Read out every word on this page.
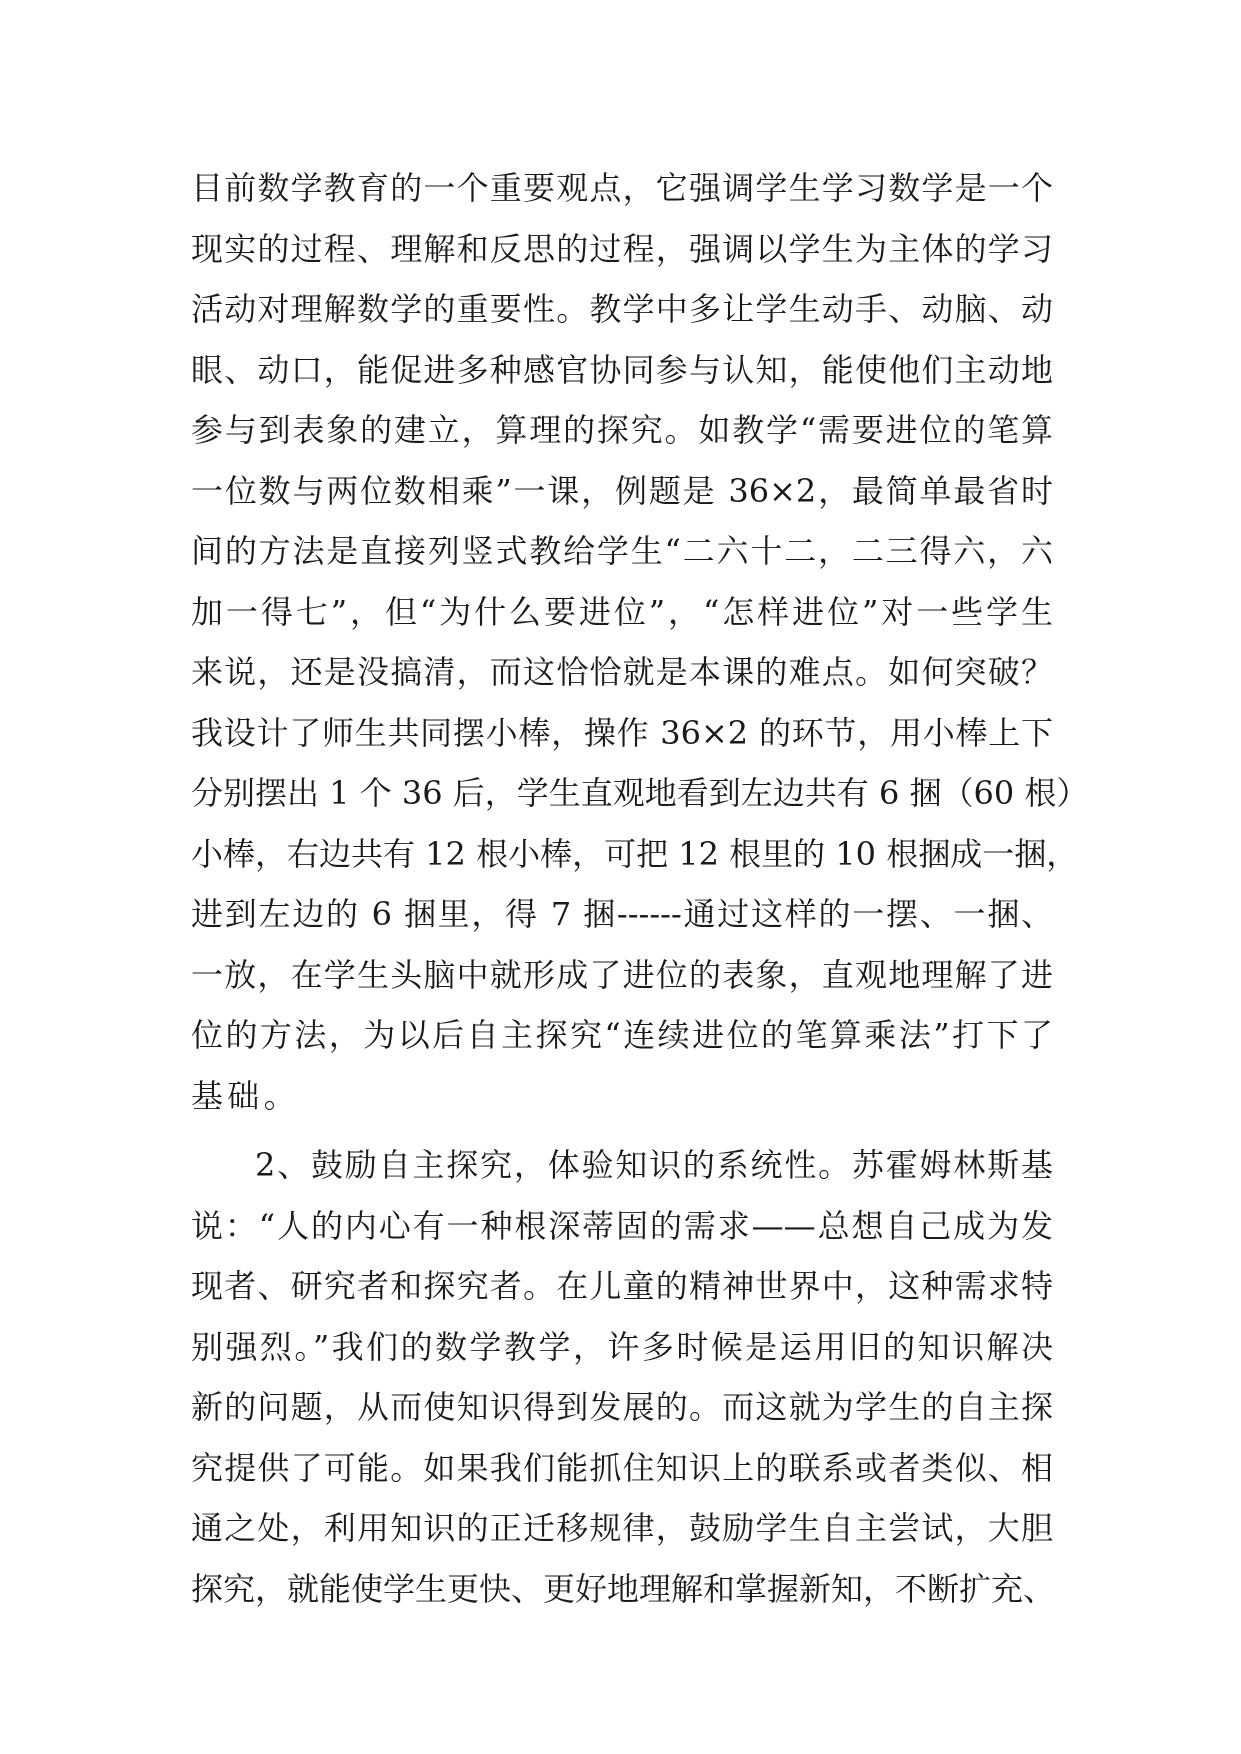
目前数学教育的一个重要观点，它强调学生学习数学是一个
现实的过程、理解和反思的过程，强调以学生为主体的学习
活动对理解数学的重要性。教学中多让学生动手、动脑、动
眼、动口，能促进多种感官协同参与认知，能使他们主动地
参与到表象的建立，算理的探究。如教学“需要进位的笔算
一位数与两位数相乘”一课，例题是 36×2，最简单最省时
间的方法是直接列竖式教给学生“二六十二，二三得六，六
加一得七”，但“为什么要进位”，“怎样进位”对一些学生
来说，还是没搞清，而这恰恰就是本课的难点。如何突破？
我设计了师生共同摆小棒，操作 36×2 的环节，用小棒上下
分别摆出 1 个 36 后，学生直观地看到左边共有 6 捆（60 根）
小棒，右边共有 12 根小棒，可把 12 根里的 10 根捆成一捆，
进到左边的 6 捆里，得 7 捆------通过这样的一摆、一捆、
一放，在学生头脑中就形成了进位的表象，直观地理解了进
位的方法，为以后自主探究“连续进位的笔算乘法”打下了
基础。
2、鼓励自主探究，体验知识的系统性。苏霍姆林斯基
说：“人的内心有一种根深蒂固的需求——总想自己成为发
现者、研究者和探究者。在儿童的精神世界中，这种需求特
别强烈。”我们的数学教学，许多时候是运用旧的知识解决
新的问题，从而使知识得到发展的。而这就为学生的自主探
究提供了可能。如果我们能抓住知识上的联系或者类似、相
通之处，利用知识的正迁移规律，鼓励学生自主尝试，大胆
探究，就能使学生更快、更好地理解和掌握新知，不断扩充、
